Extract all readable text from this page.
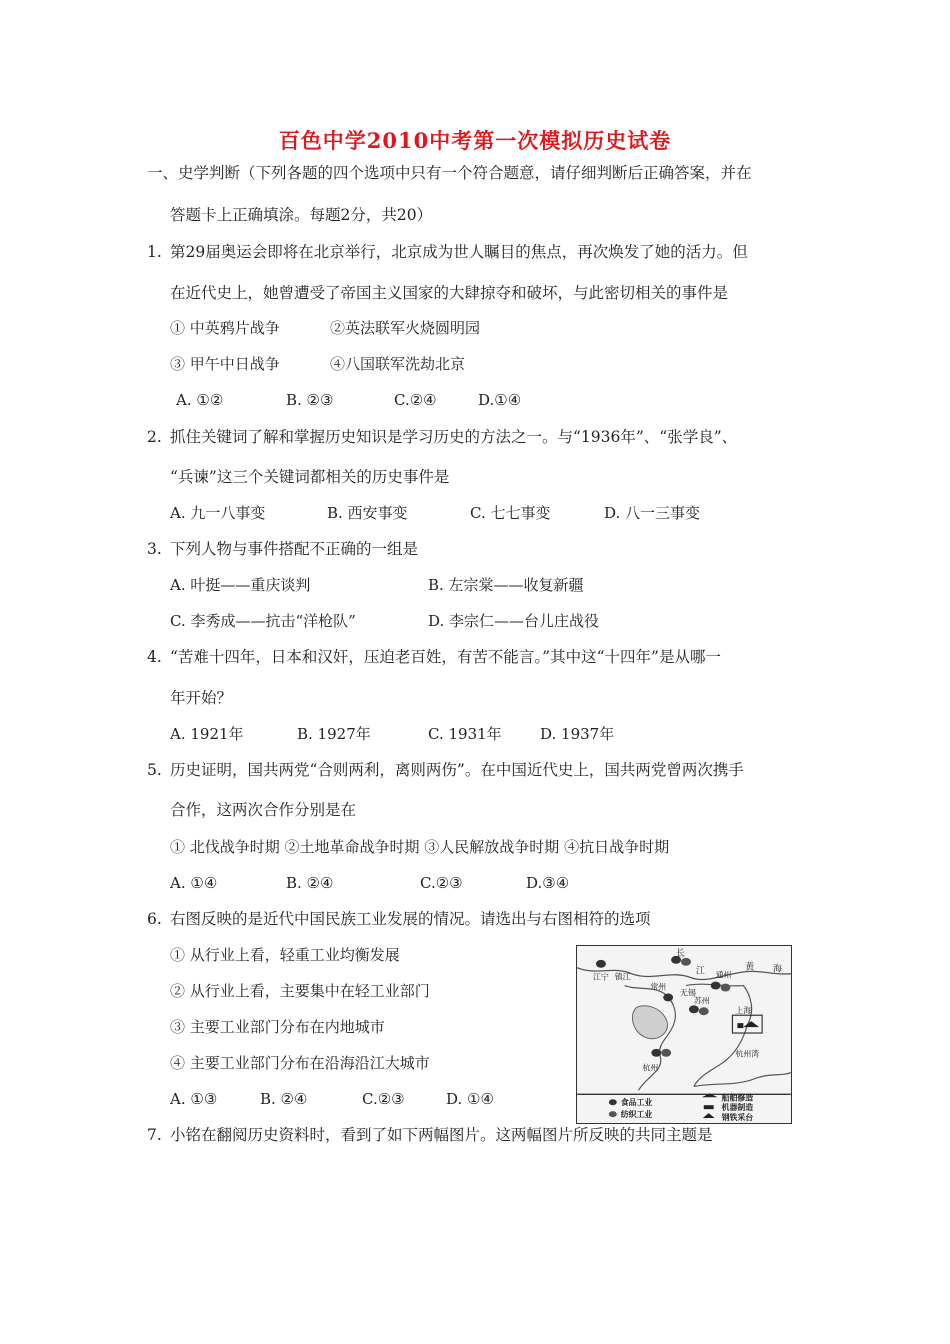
百色中学2010中考第一次模拟历史试卷
一、史学判断（下列各题的四个选项中只有一个符合题意，请仔细判断后正确答案，并在
答题卡上正确填涂。每题2分，共20）
1. 第29届奥运会即将在北京举行，北京成为世人瞩目的焦点，再次焕发了她的活力。但
在近代史上，她曾遭受了帝国主义国家的大肆掠夺和破坏，与此密切相关的事件是
① 中英鸦片战争	②英法联军火烧圆明园
③ 甲午中日战争	④八国联军洗劫北京
A. ①②	B. ②③	C.②④	D.①④
2. 抓住关键词了解和掌握历史知识是学习历史的方法之一。与“1936年”、“张学良”、
“兵谏”这三个关键词都相关的历史事件是
A. 九一八事变	B. 西安事变	C. 七七事变	D. 八一三事变
3. 下列人物与事件搭配不正确的一组是
A. 叶挺——重庆谈判	B. 左宗棠——收复新疆
C. 李秀成——抗击“洋枪队”	D. 李宗仁——台儿庄战役
4. “苦难十四年，日本和汉奸，压迫老百姓，有苦不能言。”其中这“十四年”是从哪一
年开始？
A. 1921年	B. 1927年	C. 1931年	D. 1937年
5. 历史证明，国共两党“合则两利，离则两伤”。在中国近代史上，国共两党曾两次携手
合作，这两次合作分别是在
① 北伐战争时期 ②土地革命战争时期 ③人民解放战争时期 ④抗日战争时期
A. ①④	B. ②④	C.②③	D.③④
6. 右图反映的是近代中国民族工业发展的情况。请选出与右图相符的选项
① 从行业上看，轻重工业均衡发展
② 从行业上看，主要集中在轻工业部门
③ 主要工业部门分布在内地城市
④ 主要工业部门分布在沿海沿江大城市
A. ①③	B. ②④	C.②③	D. ①④
长
江	黄 海
江宁 镇江	通州
常州
无锡
苏州
上海
杭州湾
杭州
食品工业
纺织工业
船舶修造
机器制造
钢铁采台
7. 小铭在翻阅历史资料时，看到了如下两幅图片。这两幅图片所反映的共同主题是
